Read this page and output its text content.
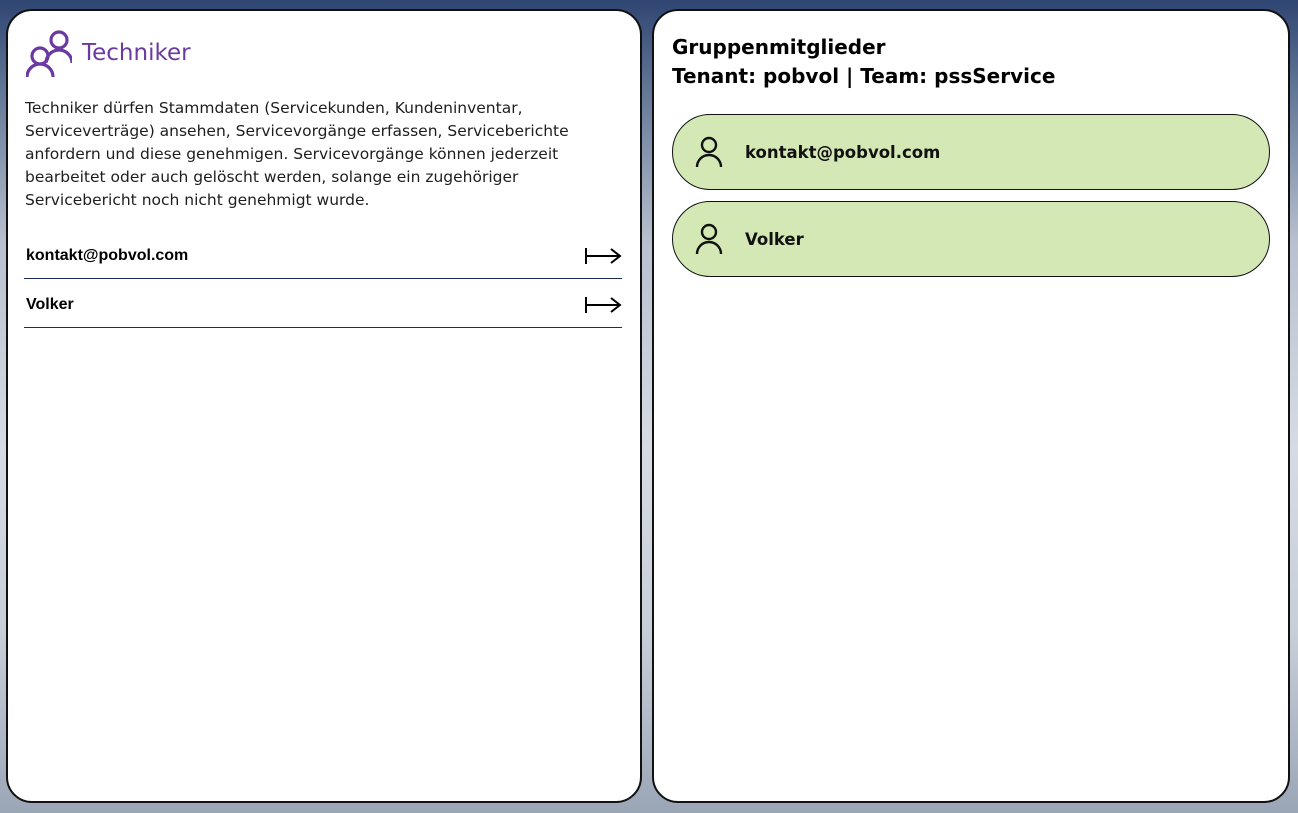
Techniker
Techniker dürfen Stammdaten (Servicekunden, Kundeninventar, Serviceverträge) ansehen, Servicevorgänge erfassen, Serviceberichte anfordern und diese genehmigen. Servicevorgänge können jederzeit bearbeitet oder auch gelöscht werden, solange ein zugehöriger Servicebericht noch nicht genehmigt wurde.
kontakt@pobvol.com
Volker
Gruppenmitglieder
Tenant: pobvol | Team: pssService
kontakt@pobvol.com
Volker
